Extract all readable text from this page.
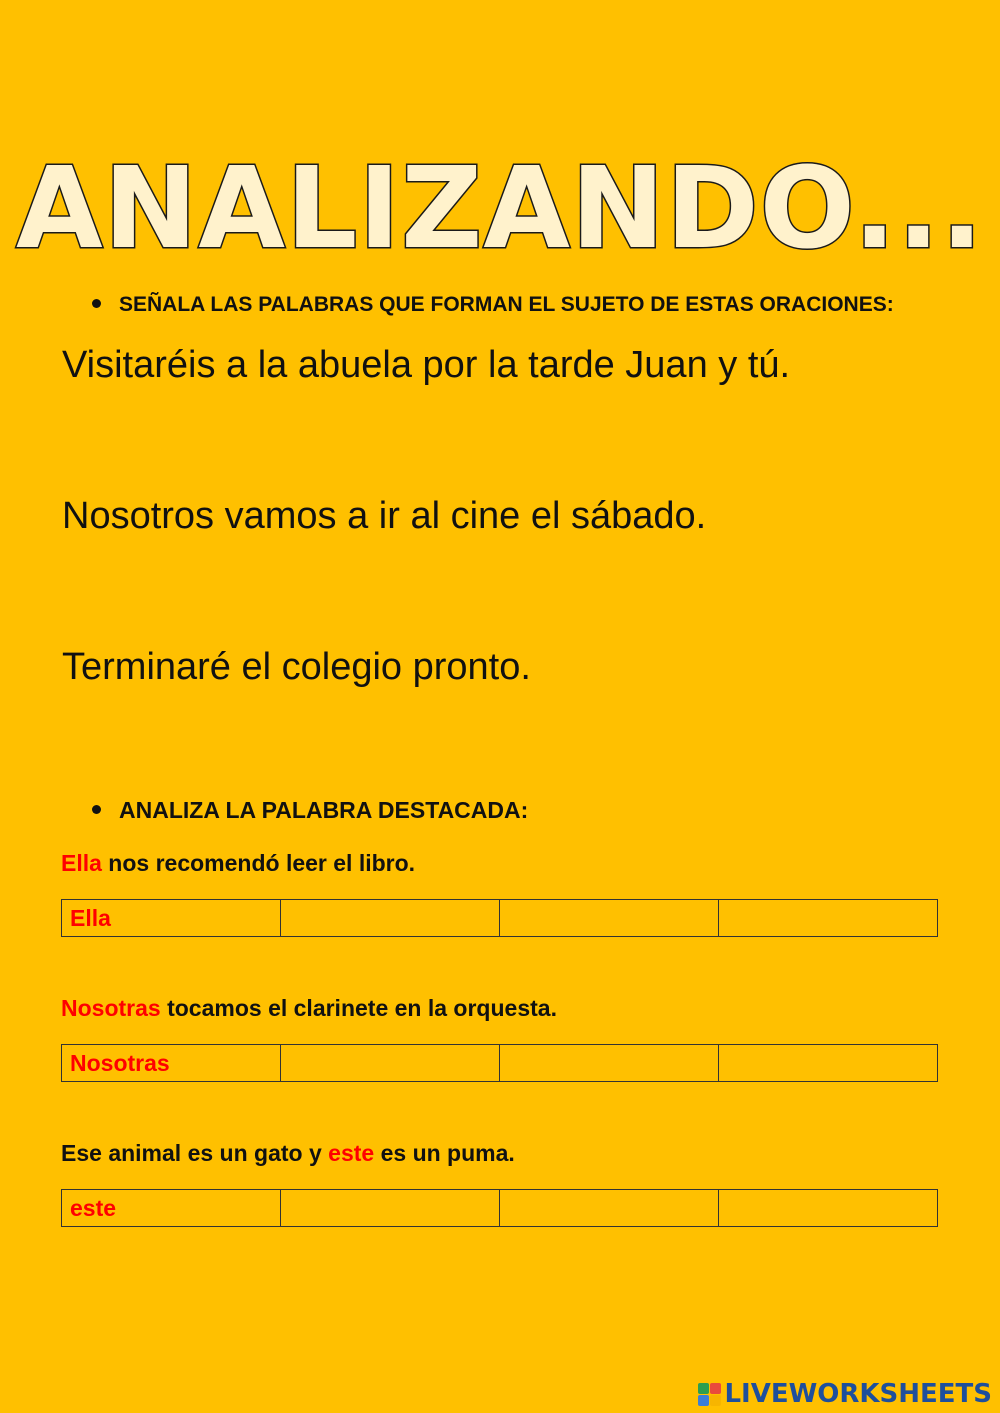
ANALIZANDO...
SEÑALA LAS PALABRAS QUE FORMAN EL SUJETO DE ESTAS ORACIONES:
Visitaréis a la abuela por la tarde Juan y tú.
Nosotros vamos a ir al cine el sábado.
Terminaré el colegio pronto.
ANALIZA LA PALABRA DESTACADA:
Ella nos recomendó leer el libro.
Ella			
Nosotras tocamos el clarinete en la orquesta.
Nosotras			
Ese animal es un gato y este es un puma.
este			
LIVEWORKSHEETS
